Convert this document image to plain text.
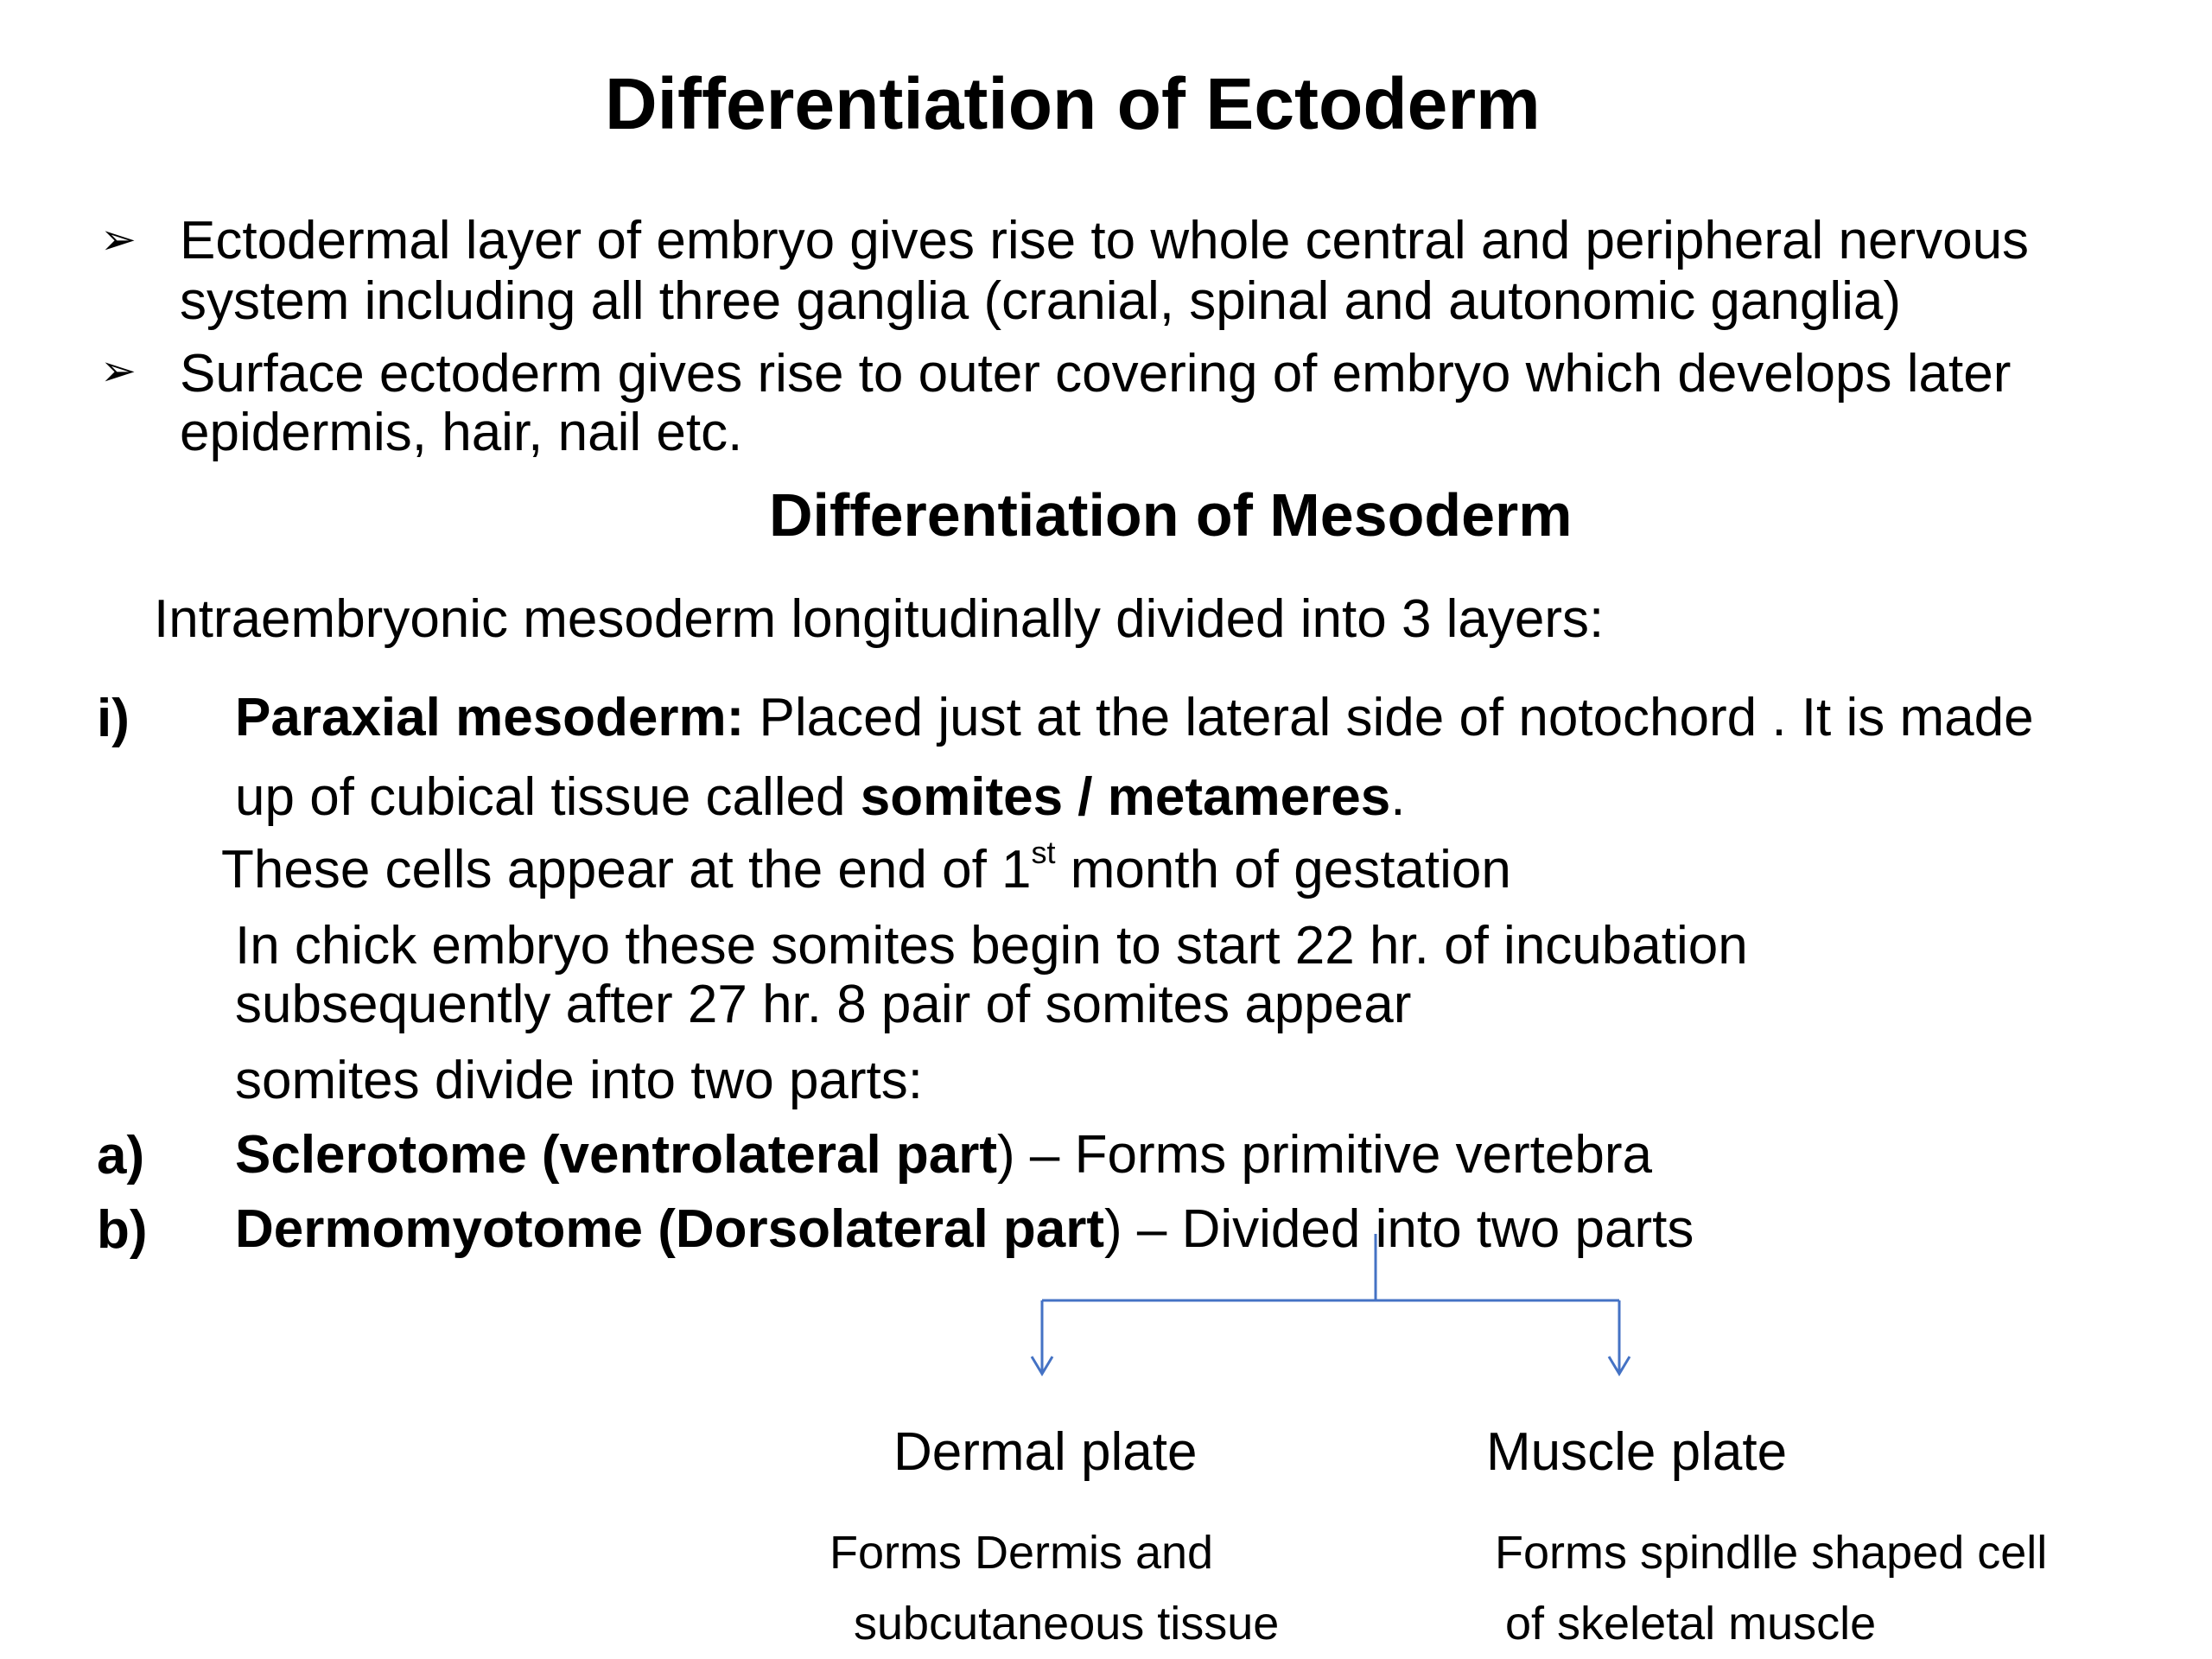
Differentiation of Ectoderm
➢ Ectodermal layer of embryo gives rise to whole central and peripheral nervous
system including all three ganglia (cranial, spinal and autonomic ganglia)
➢ Surface ectoderm gives rise to outer covering of embryo which develops later
epidermis, hair, nail etc.
Differentiation of Mesoderm
Intraembryonic mesoderm longitudinally divided into 3 layers:
i) Paraxial mesoderm: Placed just at the lateral side of notochord . It is made
up of cubical tissue called somites / metameres.
These cells appear at the end of 1st month of gestation
In chick embryo these somites begin to start 22 hr. of incubation
subsequently after 27 hr. 8 pair of somites appear
somites divide into two parts:
a) Sclerotome (ventrolateral part) – Forms primitive vertebra
b) Dermomyotome (Dorsolateral part) – Divided into two parts
Dermal plate
Forms Dermis and
subcutaneous tissue
Muscle plate
Forms spindlle shaped cell
of skeletal muscle
